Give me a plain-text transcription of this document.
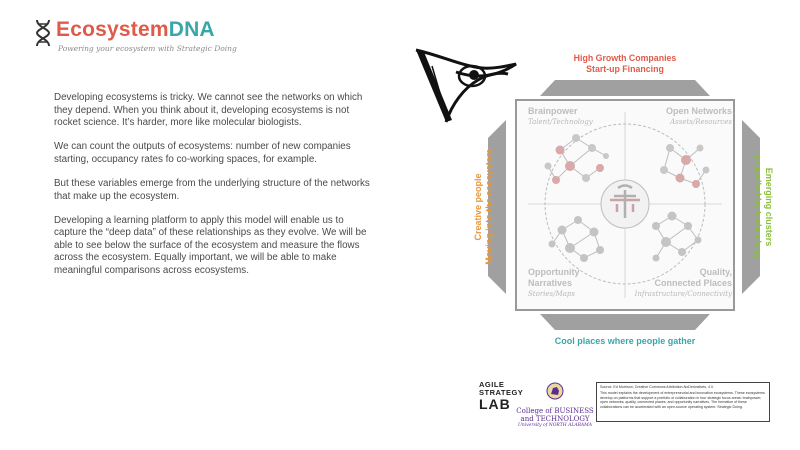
EcosystemDNA
Powering your ecosystem with Strategic Doing

Developing ecosystems is tricky. We cannot see the networks on which they depend. When you think about it, developing ecosystems is not rocket science. It’s harder, more like molecular biologists.

We can count the outputs of ecosystems: number of new companies starting, occupancy rates fo co-working spaces, for example.

But these variables emerge from the underlying structure of the networks that make up the ecosystem.

Developing a learning platform to apply this model will enable us to capture the “deep data” of these relationships as they evolve. We will be able to see below the surface of the ecosystem and measure the flows across the ecosystem. Equally important, we will be able to make meaningful comparisons across ecosystems.

High Growth Companies
Start-up Financing
Cool places where people gather
Creative people Moving into the ecosystem	Emerging clusters
propelled by technology
Brainpower
Talent/Technology
Open Networks
Assets/Resources
Opportunity
Narratives
Stories/Maps
Quality,
Connected Places
Infrastructure/Connectivity
AGILE
STRATEGY
LAB College of BUSINESS
and TECHNOLOGY
University of NORTH ALABAMA
Source: Ed Morrison, Creative Commons Attribution-NoDerivatives, 4.0.
This model explains the development of entrepreneurial and innovation ecosystems. These ecosystems develop on platforms that support a portfolio of collaboration in four strategic focus areas: brainpower; open networks; quality, connected places; and opportunity narratives. The formation of these collaborations can be accelerated with an open-source operating system: Strategic Doing.
